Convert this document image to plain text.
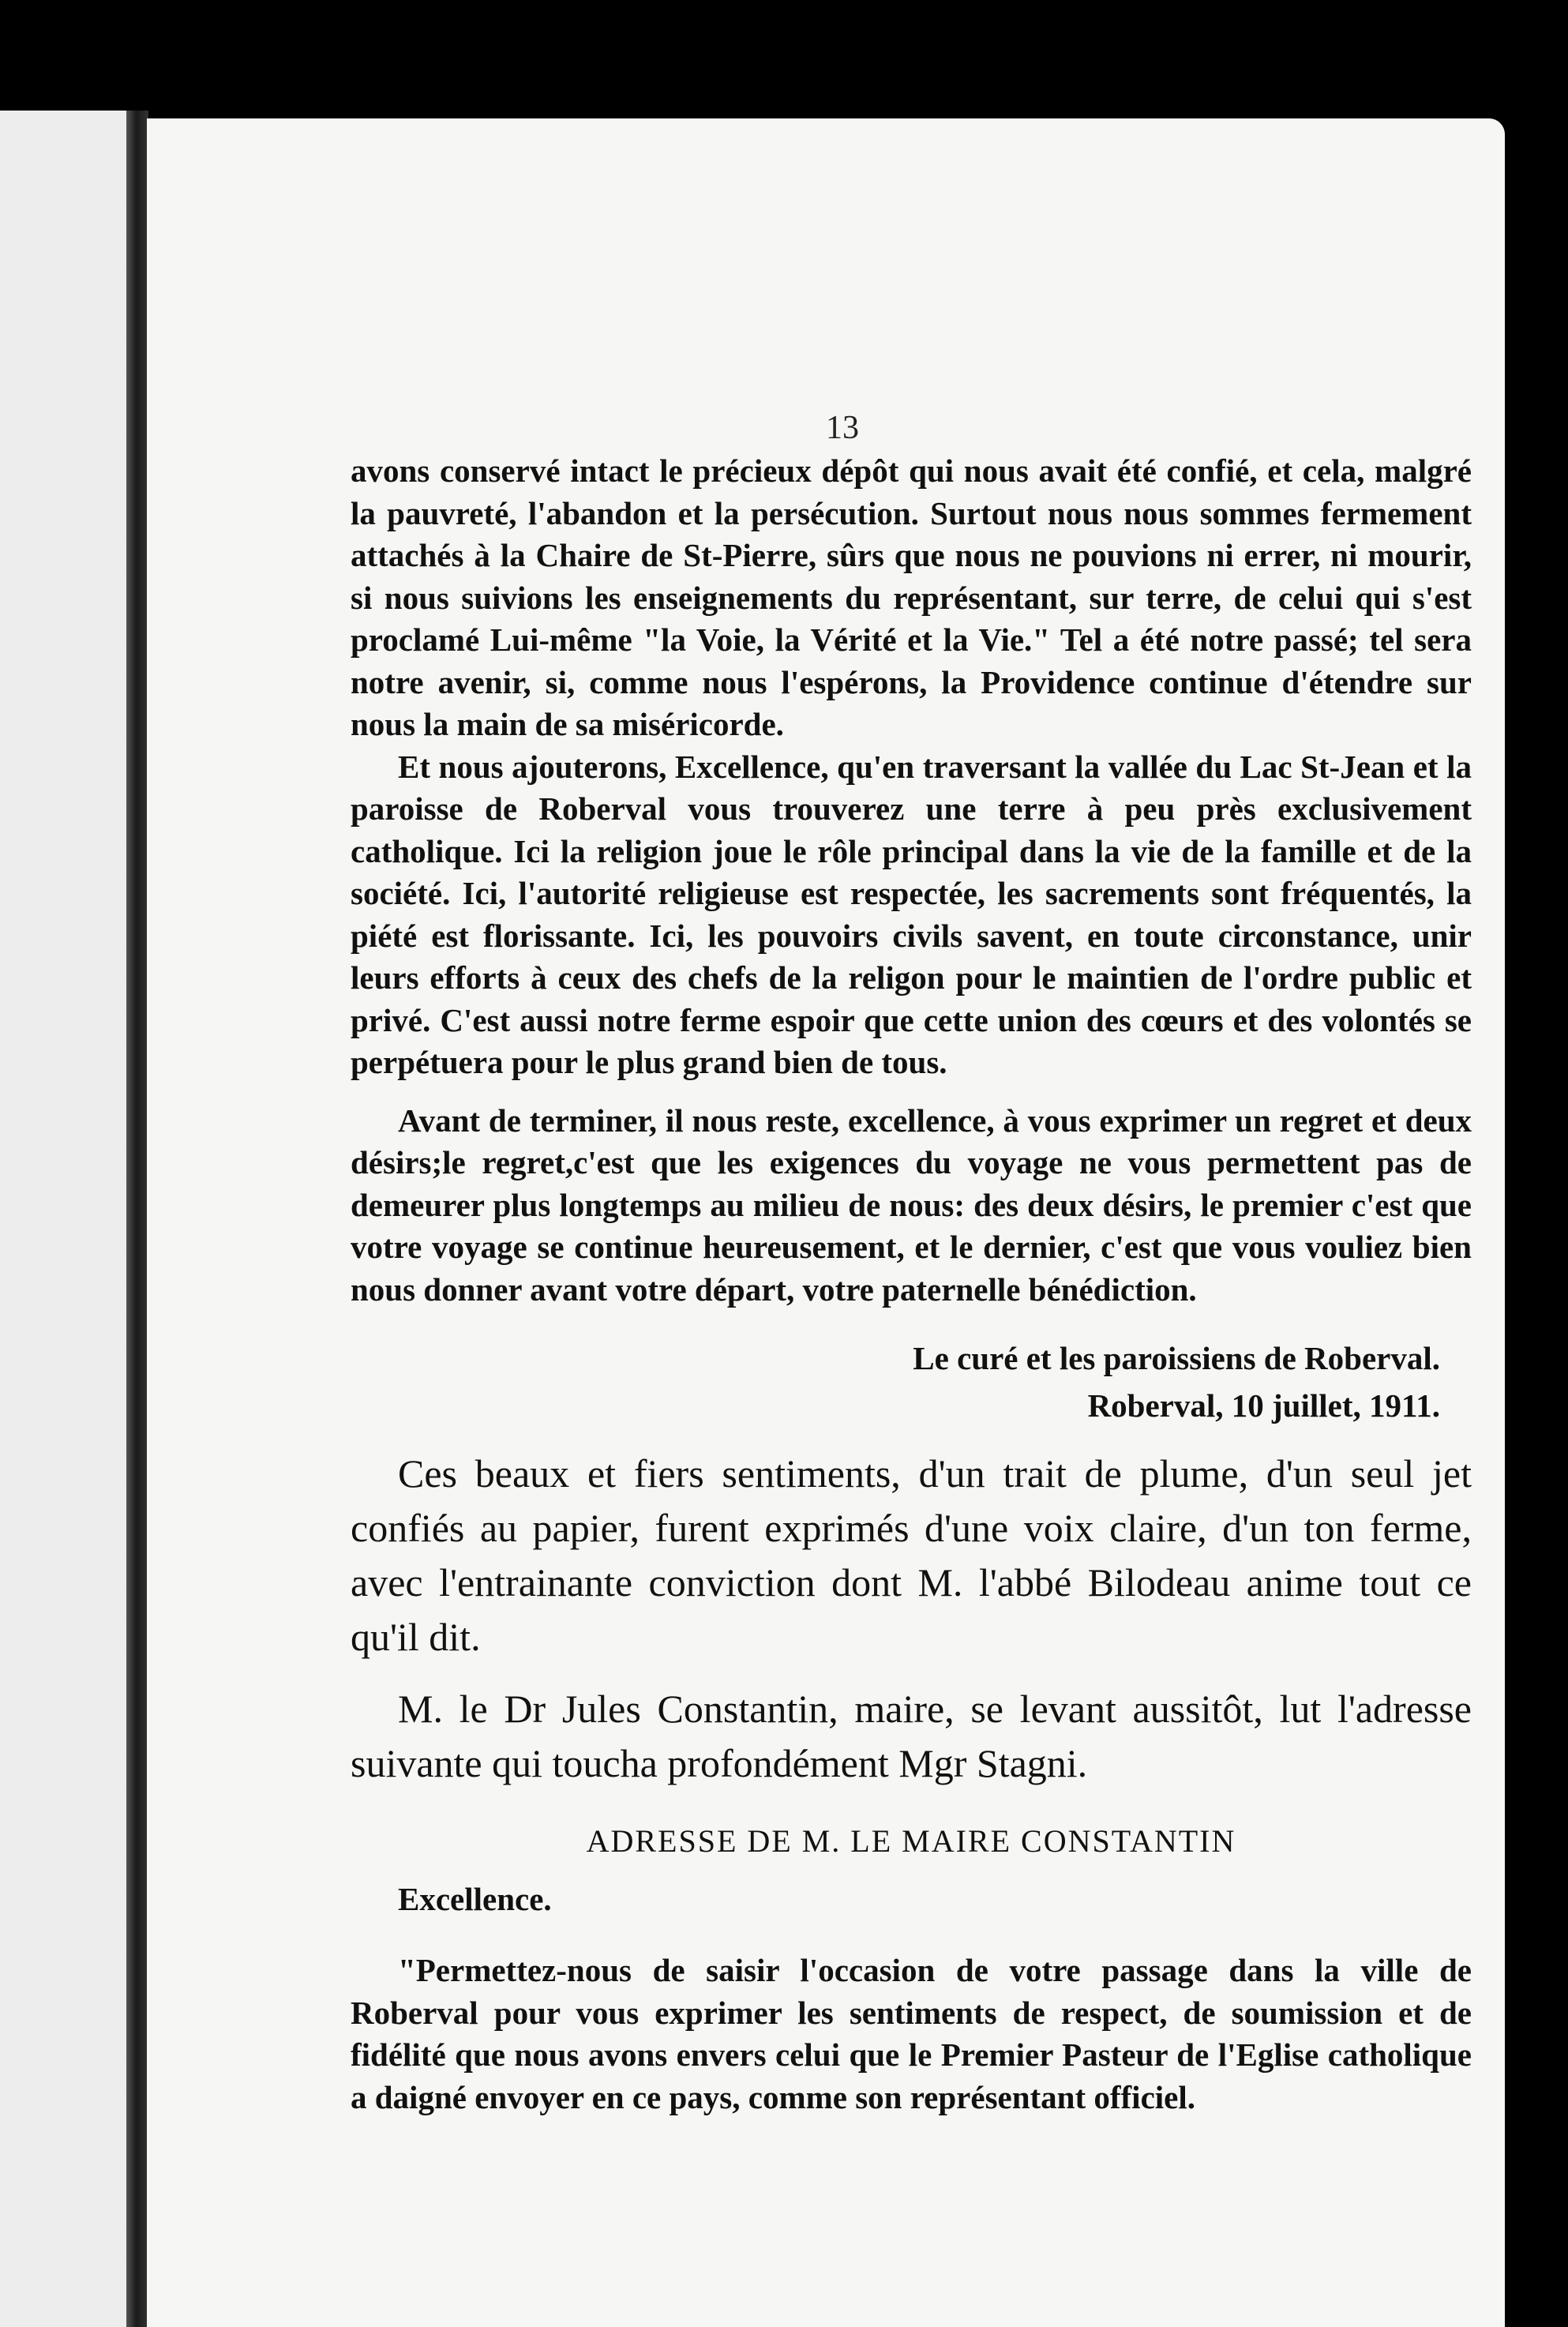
13

avons conservé intact le précieux dépôt qui nous avait été confié, et cela, malgré la pauvreté, l'abandon et la persécution. Surtout nous nous sommes fermement attachés à la Chaire de St-Pierre, sûrs que nous ne pouvions ni errer, ni mourir, si nous suivions les enseignements du représentant, sur terre, de celui qui s'est proclamé Lui-même "la Voie, la Vérité et la Vie." Tel a été notre passé; tel sera notre avenir, si, comme nous l'espérons, la Providence continue d'étendre sur nous la main de sa miséricorde.

Et nous ajouterons, Excellence, qu'en traversant la vallée du Lac St-Jean et la paroisse de Roberval vous trouverez une terre à peu près exclusivement catholique. Ici la religion joue le rôle principal dans la vie de la famille et de la société. Ici, l'autorité religieuse est respectée, les sacrements sont fréquentés, la piété est florissante. Ici, les pouvoirs civils savent, en toute circonstance, unir leurs efforts à ceux des chefs de la religon pour le maintien de l'ordre public et privé. C'est aussi notre ferme espoir que cette union des cœurs et des volontés se perpétuera pour le plus grand bien de tous.

Avant de terminer, il nous reste, excellence, à vous exprimer un regret et deux désirs;le regret,c'est que les exigences du voyage ne vous permettent pas de demeurer plus longtemps au milieu de nous: des deux désirs, le premier c'est que votre voyage se continue heureusement, et le dernier, c'est que vous vouliez bien nous donner avant votre départ, votre paternelle bénédiction.

Le curé et les paroissiens de Roberval.
Roberval, 10 juillet, 1911.

Ces beaux et fiers sentiments, d'un trait de plume, d'un seul jet confiés au papier, furent exprimés d'une voix claire, d'un ton ferme, avec l'entrainante conviction dont M. l'abbé Bilodeau anime tout ce qu'il dit.

M. le Dr Jules Constantin, maire, se levant aussitôt, lut l'adresse suivante qui toucha profondément Mgr Stagni.

ADRESSE DE M. LE MAIRE CONSTANTIN
Excellence.

"Permettez-nous de saisir l'occasion de votre passage dans la ville de Roberval pour vous exprimer les sentiments de respect, de soumission et de fidélité que nous avons envers celui que le Premier Pasteur de l'Eglise catholique a daigné envoyer en ce pays, comme son représentant officiel.
